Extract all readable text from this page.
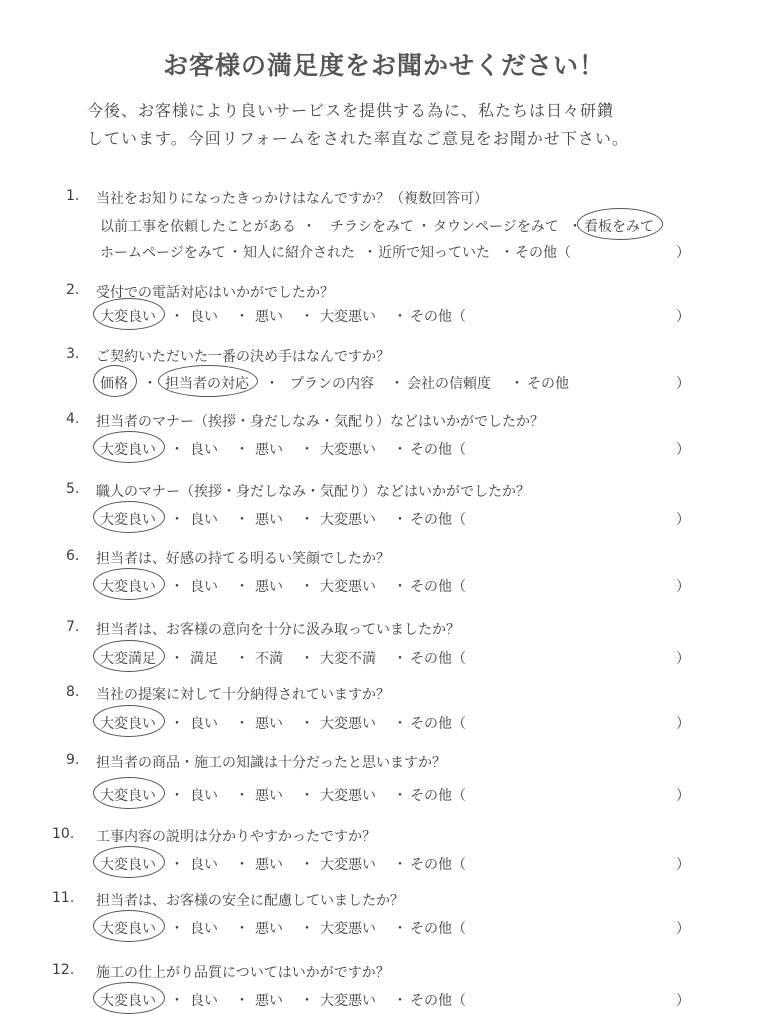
お客様の満足度をお聞かせください！
今後、お客様により良いサービスを提供する為に、私たちは日々研鑽
しています。今回リフォームをされた率直なご意見をお聞かせ下さい。
1. 当社をお知りになったきっかけはなんですか？（複数回答可）
以前工事を依頼したことがある チラシをみて タウンページをみて 看板をみて
・	・	・
ホームページをみて 知人に紹介された 近所で知っていた その他（
・	・	・	）
2. 受付での電話対応はいかがでしたか？
大変良い 良い	悪い	大変悪い その他（
・	・	・	・	）
3. ご契約いただいた一番の決め手はなんですか？
価格	担当者の対応	プランの内容 会社の信頼度	その他
・	・	・	・	）
4. 担当者のマナー（挨拶・身だしなみ・気配り）などはいかがでしたか？
大変良い 良い	悪い	大変悪い その他（
・	・	・	・	）
5. 職人のマナー（挨拶・身だしなみ・気配り）などはいかがでしたか？
大変良い 良い	悪い	大変悪い その他（
・	・	・	・	）
6. 担当者は、好感の持てる明るい笑顔でしたか？
大変良い 良い	悪い	大変悪い その他（
・	・	・	・	）
7. 担当者は、お客様の意向を十分に汲み取っていましたか？
大変満足 満足	不満	大変不満 その他（
・	・	・	・	）
8. 当社の提案に対して十分納得されていますか？
大変良い 良い	悪い	大変悪い その他（
・	・	・	・	）
9. 担当者の商品・施工の知識は十分だったと思いますか？
大変良い 良い	悪い	大変悪い その他（
・	・	・	・	）
10. 工事内容の説明は分かりやすかったですか？
大変良い 良い	悪い	大変悪い その他（
・	・	・	・	）
11. 担当者は、お客様の安全に配慮していましたか？
大変良い 良い	悪い	大変悪い その他（
・	・	・	・	）
12. 施工の仕上がり品質についてはいかがですか？
大変良い 良い	悪い	大変悪い その他（
・	・	・	・	）
